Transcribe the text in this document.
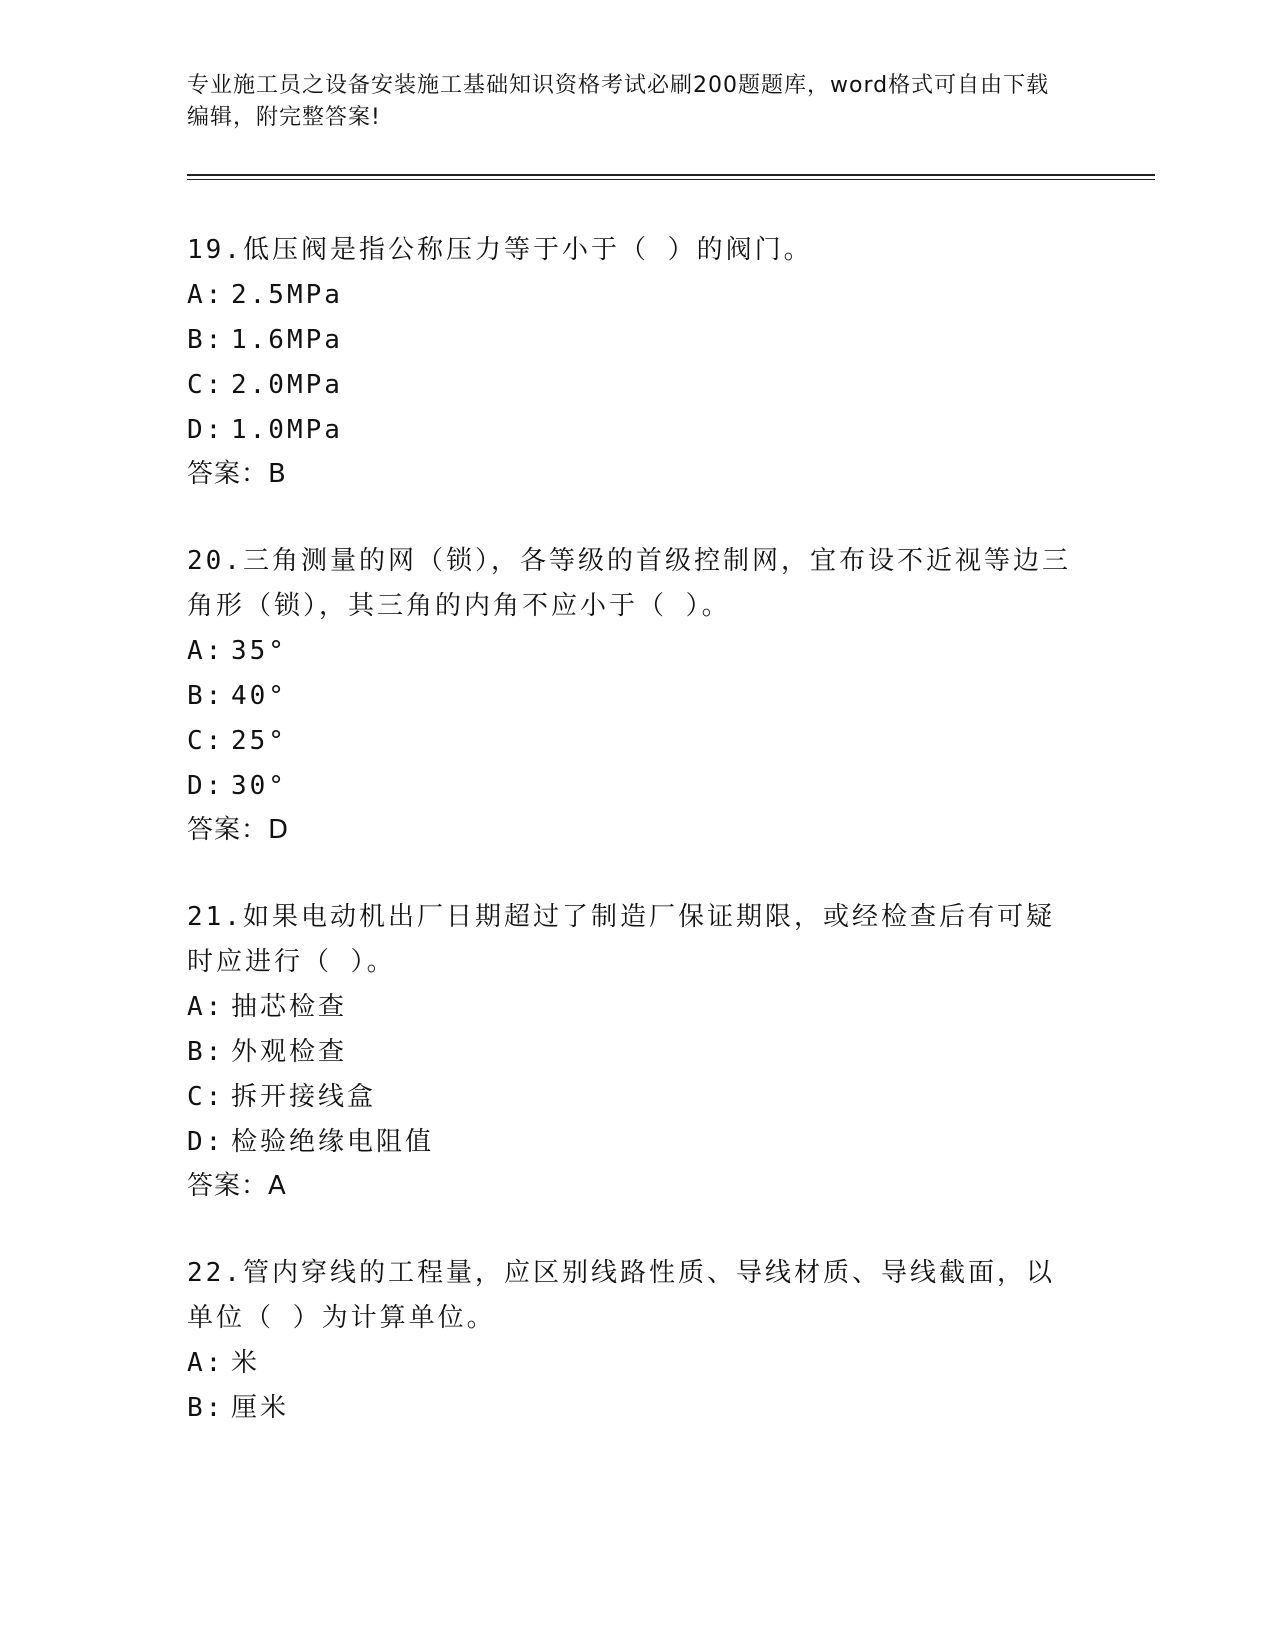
专业施工员之设备安装施工基础知识资格考试必刷200题题库，word格式可自由下载编辑，附完整答案!
19.低压阀是指公称压力等于小于（ ）的阀门。
A: 2.5MPa
B: 1.6MPa
C: 2.0MPa
D: 1.0MPa
答案：B
20.三角测量的网（锁），各等级的首级控制网，宜布设不近视等边三角形（锁），其三角的内角不应小于（ ）。
A: 35°
B: 40°
C: 25°
D: 30°
答案：D
21.如果电动机出厂日期超过了制造厂保证期限，或经检查后有可疑时应进行（ ）。
A: 抽芯检查
B: 外观检查
C: 拆开接线盒
D: 检验绝缘电阻值
答案：A
22.管内穿线的工程量，应区别线路性质、导线材质、导线截面，以单位（ ）为计算单位。
A: 米
B: 厘米
